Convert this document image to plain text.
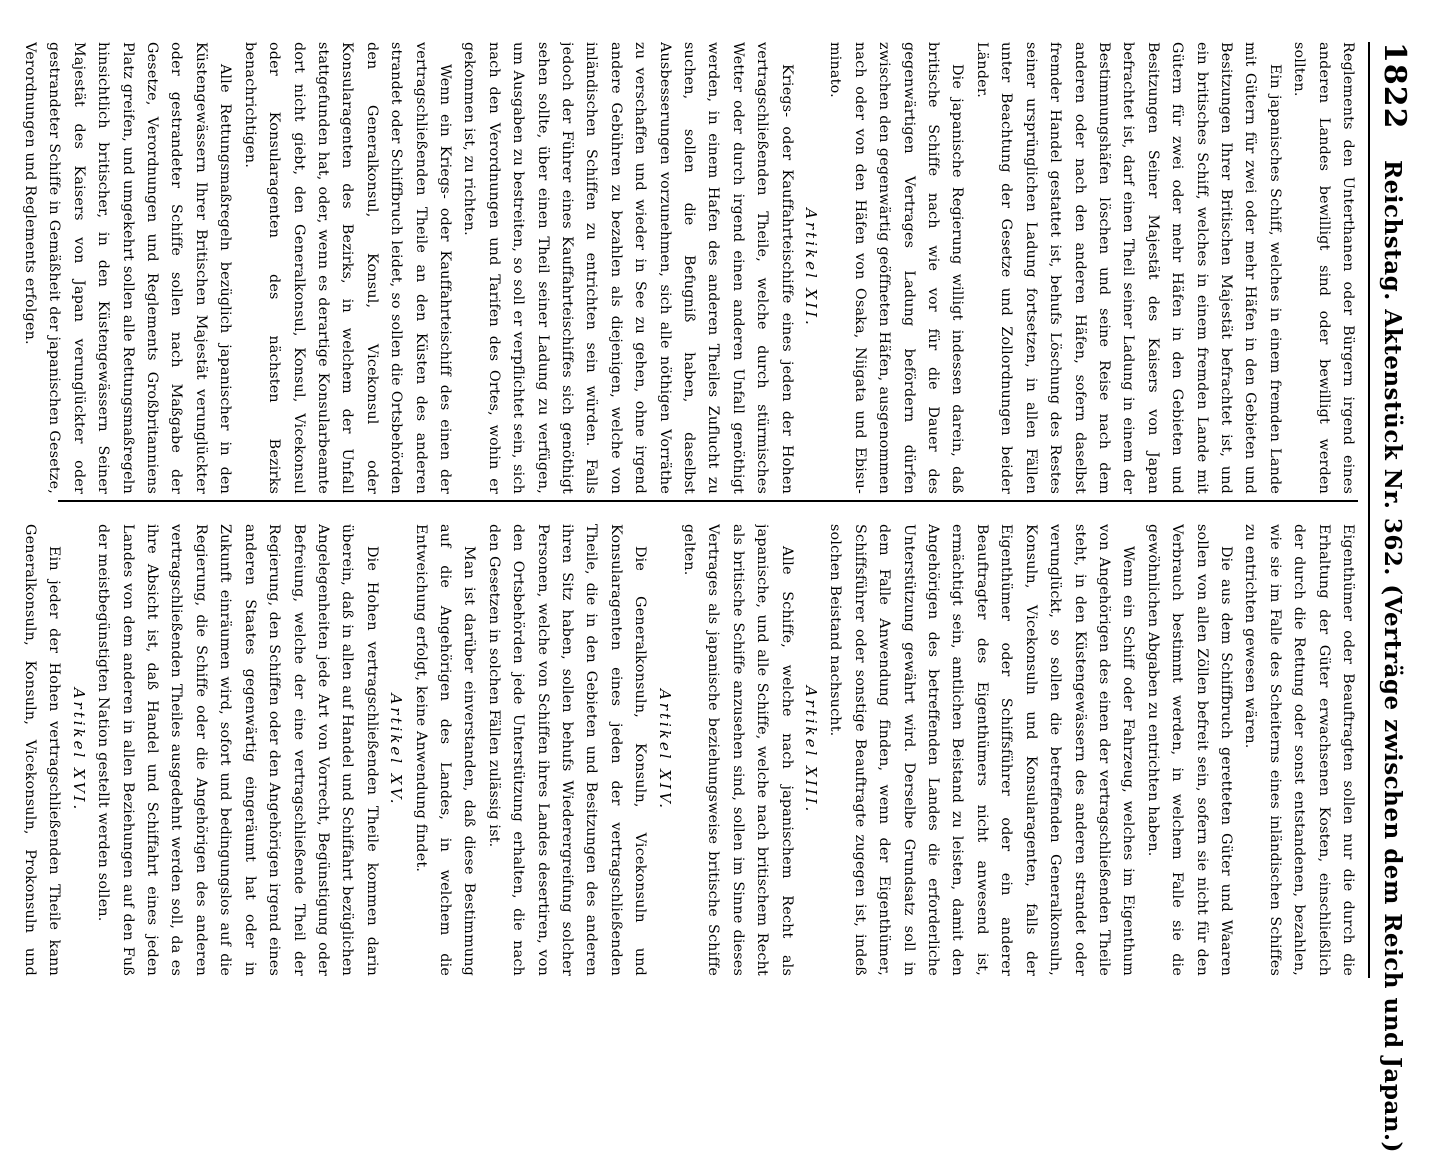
1822
Reichstag. Aktenstück Nr. 362. (Verträge zwischen dem Reich und Japan.)

Reglements den Unterthanen oder Bürgern irgend eines anderen Landes bewilligt sind oder bewilligt werden sollten.

Ein japanisches Schiff, welches in einem fremden Lande mit Gütern für zwei oder mehr Häfen in den Gebieten und Besitzungen Ihrer Britischen Majestät befrachtet ist, und ein britisches Schiff, welches in einem fremden Lande mit Gütern für zwei oder mehr Häfen in den Gebieten und Besitzungen Seiner Majestät des Kaisers von Japan befrachtet ist, darf einen Theil seiner Ladung in einem der Bestimmungshäfen löschen und seine Reise nach dem anderen oder nach den anderen Häfen, sofern daselbst fremder Handel gestattet ist, behufs Löschung des Restes seiner ursprünglichen Ladung fortsetzen, in allen Fällen unter Beachtung der Gesetze und Zollordnungen beider Länder.

Die japanische Regierung willigt indessen darein, daß britische Schiffe nach wie vor für die Dauer des gegenwärtigen Vertrages Ladung befördern dürfen zwischen den gegenwärtig geöffneten Häfen, ausgenommen nach oder von den Häfen von Osaka, Niigata und Ebisu-minato.

Artikel XII.

Kriegs- oder Kauffahrteischiffe eines jeden der Hohen vertragschließenden Theile, welche durch stürmisches Wetter oder durch irgend einen anderen Unfall genöthigt werden, in einem Hafen des anderen Theiles Zuflucht zu suchen, sollen die Befugniß haben, daselbst Ausbesserungen vorzunehmen, sich alle nöthigen Vorräthe zu verschaffen und wieder in See zu gehen, ohne irgend andere Gebühren zu bezahlen als diejenigen, welche von inländischen Schiffen zu entrichten sein würden. Falls jedoch der Führer eines Kauffahrteischiffes sich genöthigt sehen sollte, über einen Theil seiner Ladung zu verfügen, um Ausgaben zu bestreiten, so soll er verpflichtet sein, sich nach den Verordnungen und Tarifen des Ortes, wohin er gekommen ist, zu richten.

Wenn ein Kriegs- oder Kauffahrteischiff des einen der vertragschließenden Theile an den Küsten des anderen strandet oder Schiffbruch leidet, so sollen die Ortsbehörden den Generalkonsul, Konsul, Vicekonsul oder Konsularagenten des Bezirks, in welchem der Unfall stattgefunden hat, oder, wenn es derartige Konsularbeamte dort nicht giebt, den Generalkonsul, Konsul, Vicekonsul oder Konsularagenten des nächsten Bezirks benachrichtigen.

Alle Rettungsmaßregeln bezüglich japanischer in den Küstengewässern Ihrer Britischen Majestät verunglückter oder gestrandeter Schiffe sollen nach Maßgabe der Gesetze, Verordnungen und Reglements Großbritanniens Platz greifen, und umgekehrt sollen alle Rettungsmaßregeln hinsichtlich britischer, in den Küstengewässern Seiner Majestät des Kaisers von Japan verunglückter oder gestrandeter Schiffe in Gemäßheit der japanischen Gesetze, Verordnungen und Reglements erfolgen.

Eigenthümer oder Beauftragten sollen nur die durch die Erhaltung der Güter erwachsenen Kosten, einschließlich der durch die Rettung oder sonst entstandenen, bezahlen, wie sie im Falle des Scheiterns eines inländischen Schiffes zu entrichten gewesen wären.

Die aus dem Schiffbruch geretteten Güter und Waaren sollen von allen Zöllen befreit sein, sofern sie nicht für den Verbrauch bestimmt werden, in welchem Falle sie die gewöhnlichen Abgaben zu entrichten haben.

Wenn ein Schiff oder Fahrzeug, welches im Eigenthum von Angehörigen des einen der vertragschließenden Theile steht, in den Küstengewässern des anderen strandet oder verunglückt, so sollen die betreffenden Generalkonsuln, Konsuln, Vicekonsuln und Konsularagenten, falls der Eigenthümer oder Schiffsführer oder ein anderer Beauftragter des Eigenthümers nicht anwesend ist, ermächtigt sein, amtlichen Beistand zu leisten, damit den Angehörigen des betreffenden Landes die erforderliche Unterstützung gewährt wird. Derselbe Grundsatz soll in dem Falle Anwendung finden, wenn der Eigenthümer, Schiffsführer oder sonstige Beauftragte zugegen ist, indeß solchen Beistand nachsucht.

Artikel XIII.

Alle Schiffe, welche nach japanischem Recht als japanische, und alle Schiffe, welche nach britischem Recht als britische Schiffe anzusehen sind, sollen im Sinne dieses Vertrages als japanische beziehungsweise britische Schiffe gelten.

Artikel XIV.

Die Generalkonsuln, Konsuln, Vicekonsuln und Konsularagenten eines jeden der vertragschließenden Theile, die in den Gebieten und Besitzungen des anderen ihren Sitz haben, sollen behufs Wiederergreifung solcher Personen, welche von Schiffen ihres Landes desertiren, von den Ortsbehörden jede Unterstützung erhalten, die nach den Gesetzen in solchen Fällen zulässig ist.

Man ist darüber einverstanden, daß diese Bestimmung auf die Angehörigen des Landes, in welchem die Entweichung erfolgt, keine Anwendung findet.

Artikel XV.

Die Hohen vertragschließenden Theile kommen darin überein, daß in allen auf Handel und Schiffahrt bezüglichen Angelegenheiten jede Art von Vorrecht, Begünstigung oder Befreiung, welche der eine vertragschließende Theil der Regierung, den Schiffen oder den Angehörigen irgend eines anderen Staates gegenwärtig eingeräumt hat oder in Zukunft einräumen wird, sofort und bedingungslos auf die Regierung, die Schiffe oder die Angehörigen des anderen vertragschließenden Theiles ausgedehnt werden soll, da es ihre Absicht ist, daß Handel und Schiffahrt eines jeden Landes von dem anderen in allen Beziehungen auf den Fuß der meistbegünstigten Nation gestellt werden sollen.

Artikel XVI.

Ein jeder der Hohen vertragschließenden Theile kann Generalkonsuln, Konsuln, Vicekonsuln, Prokonsuln und
